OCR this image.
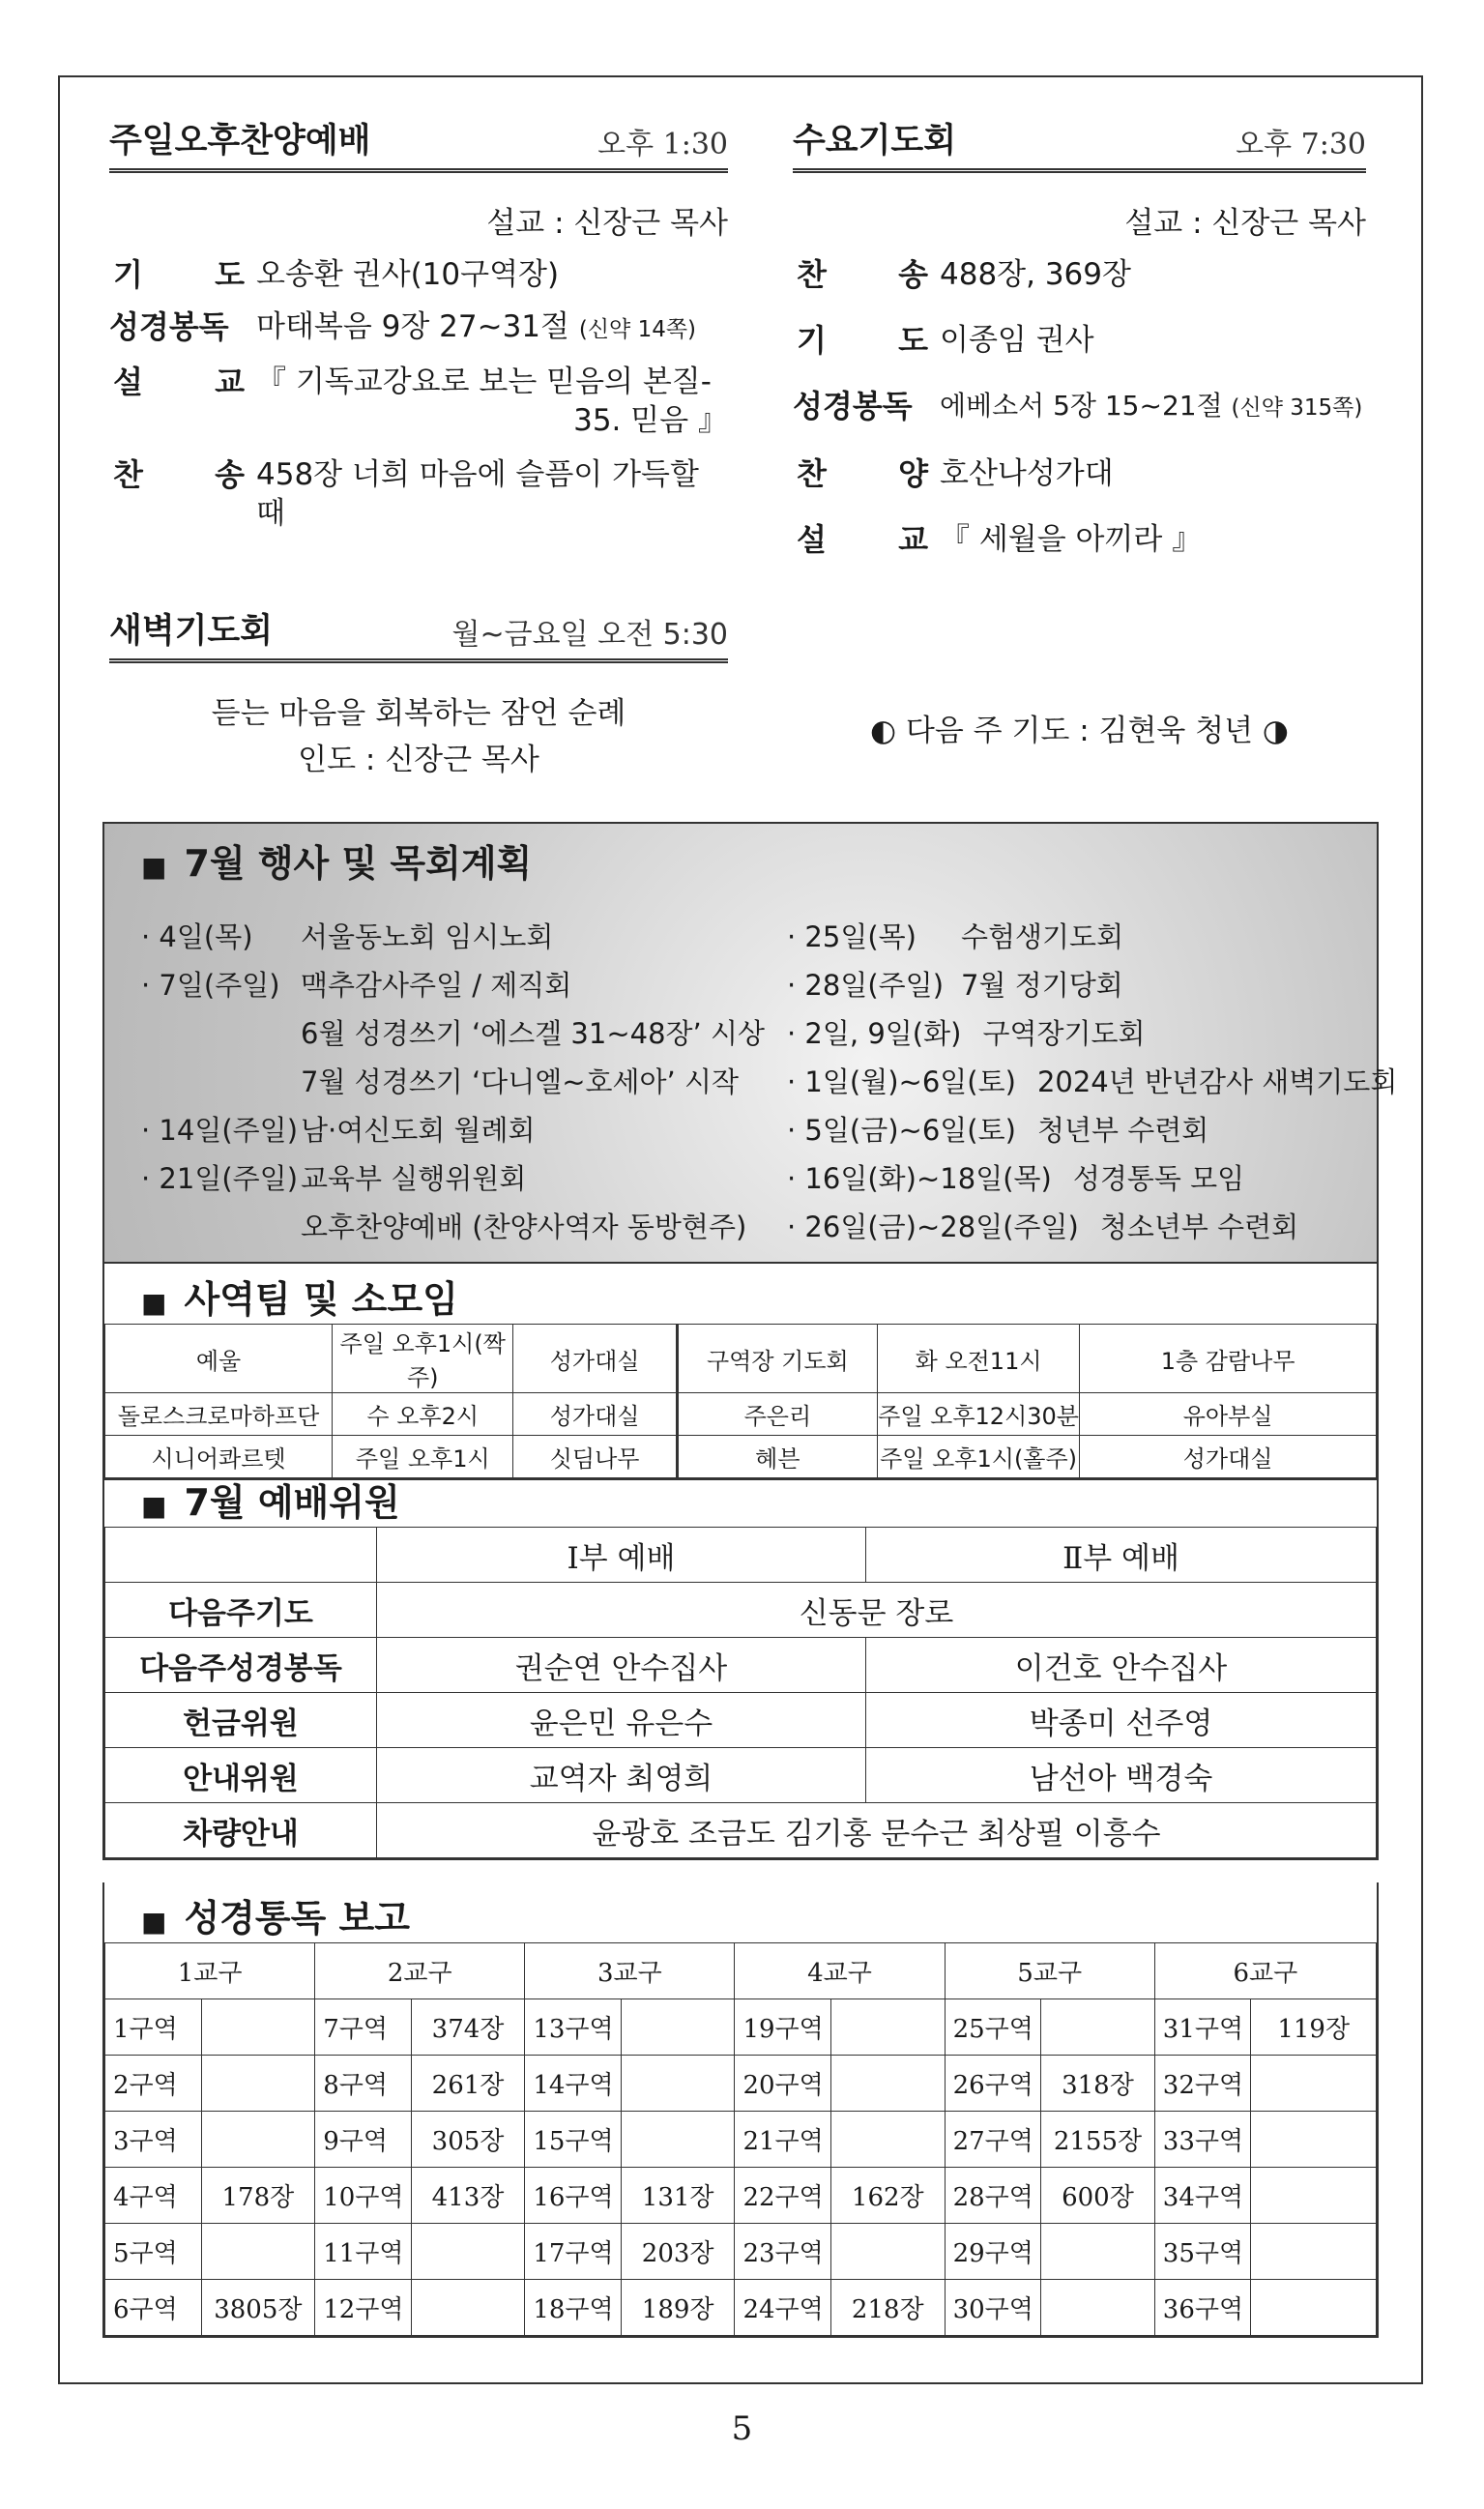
주일오후찬양예배	오후 1:30
설교 : 신장근 목사
기 도 오송환 권사(10구역장)
성경봉독 마태복음 9장 27~31절 (신약 14쪽)
설 교 『 기독교강요로 보는 믿음의 본질-
35. 믿음 』
찬 송 458장 너희 마음에 슬픔이 가득할 때
새벽기도회	월~금요일 오전 5:30
듣는 마음을 회복하는 잠언 순례
인도 : 신장근 목사
수요기도회	오후 7:30
설교 : 신장근 목사
찬 송 488장, 369장
기 도 이종임 권사
성경봉독	에베소서 5장 15~21절 (신약 315쪽)
찬 양 호산나성가대
설 교 『 세월을 아끼라 』
◐ 다음 주 기도 : 김현욱 청년 ◑
■ 7월 행사 및 목회계획
· 4일(목)	서울동노회 임시노회
· 7일(주일) 맥추감사주일 / 제직회
6월 성경쓰기 ‘에스겔 31~48장’ 시상
7월 성경쓰기 ‘다니엘~호세아’ 시작
· 14일(주일) 남·여신도회 월례회
· 21일(주일) 교육부 실행위원회
오후찬양예배 (찬양사역자 동방현주)
· 25일(목)	수험생기도회
· 28일(주일) 7월 정기당회
· 2일, 9일(화) 구역장기도회
· 1일(월)~6일(토) 2024년 반년감사 새벽기도회
· 5일(금)~6일(토) 청년부 수련회
· 16일(화)~18일(목) 성경통독 모임
· 26일(금)~28일(주일) 청소년부 수련회
■ 사역팀 및 소모임
예울	주일 오후1시(짝주)	성가대실	구역장 기도회	화 오전11시	1층 감람나무
돌로스크로마하프단	수 오후2시	성가대실	주은리	주일 오후12시30분	유아부실
시니어콰르텟	주일 오후1시	싯딤나무	혜븐	주일 오후1시(홀주)	성가대실
■ 7월 예배위원
	Ⅰ부 예배	Ⅱ부 예배
다음주기도	신동문 장로	
다음주성경봉독	권순연 안수집사	이건호 안수집사
헌금위원	윤은민 유은수	박종미 선주영
안내위원	교역자 최영희	남선아 백경숙
차량안내	윤광호 조금도 김기홍 문수근 최상필 이흥수	
■ 성경통독 보고
1교구		2교구		3교구		4교구		5교구		6교구	
1구역		7구역	374장	13구역		19구역		25구역		31구역	119장
2구역		8구역	261장	14구역		20구역		26구역	318장	32구역	
3구역		9구역	305장	15구역		21구역		27구역	2155장	33구역	
4구역	178장	10구역	413장	16구역	131장	22구역	162장	28구역	600장	34구역	
5구역		11구역		17구역	203장	23구역		29구역		35구역	
6구역	3805장	12구역		18구역	189장	24구역	218장	30구역		36구역	
5
